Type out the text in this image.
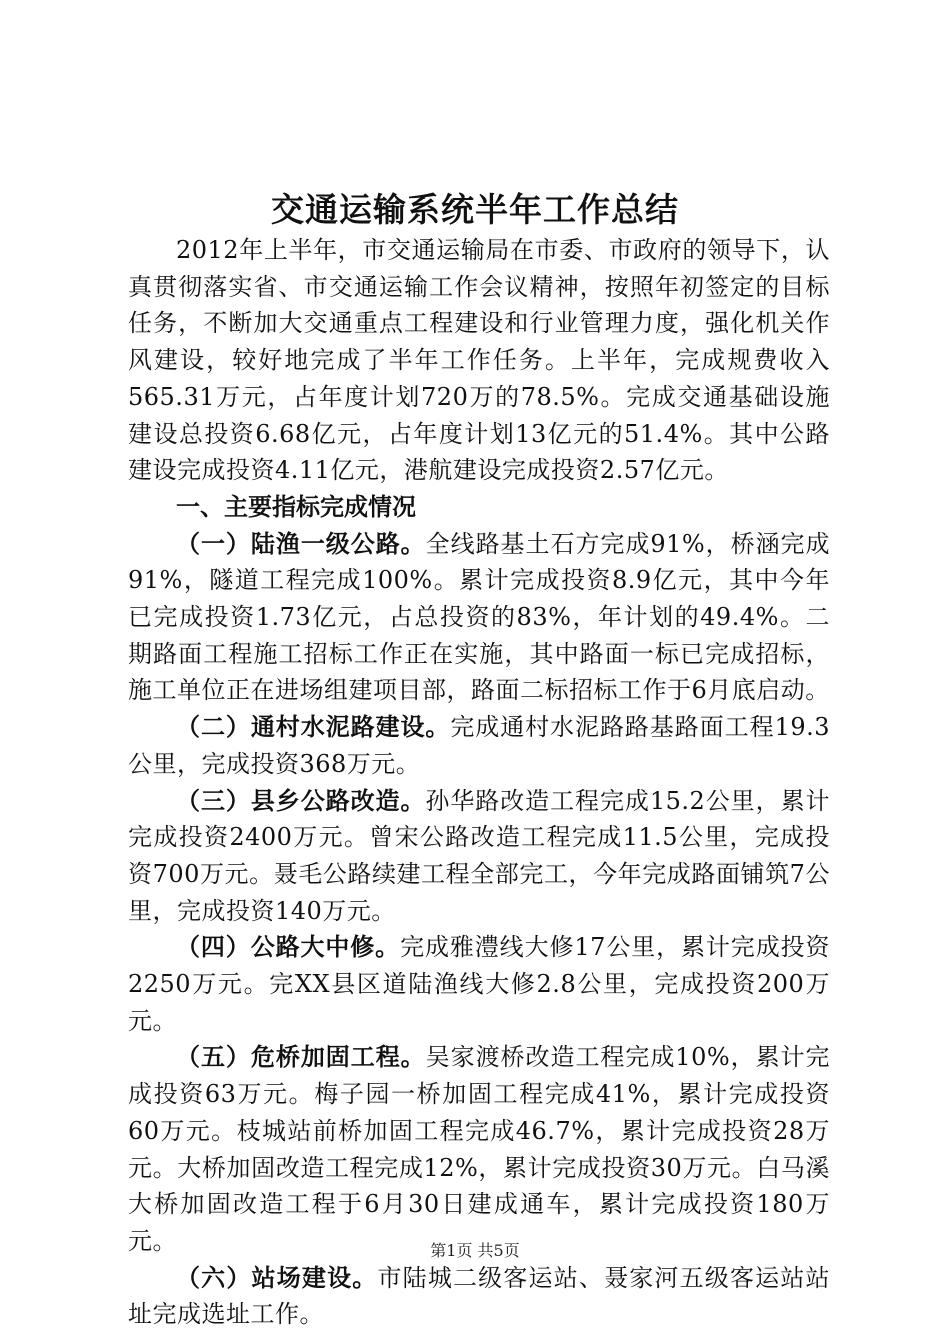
交通运输系统半年工作总结

2012年上半年，市交通运输局在市委、市政府的领导下，认真贯彻落实省、市交通运输工作会议精神，按照年初签定的目标任务，不断加大交通重点工程建设和行业管理力度，强化机关作风建设，较好地完成了半年工作任务。上半年，完成规费收入565.31万元，占年度计划720万的78.5%。完成交通基础设施建设总投资6.68亿元，占年度计划13亿元的51.4%。其中公路建设完成投资4.11亿元，港航建设完成投资2.57亿元。

一、主要指标完成情况

（一）陆渔一级公路。全线路基土石方完成91%，桥涵完成91%，隧道工程完成100%。累计完成投资8.9亿元，其中今年已完成投资1.73亿元，占总投资的83%，年计划的49.4%。二期路面工程施工招标工作正在实施，其中路面一标已完成招标，施工单位正在进场组建项目部，路面二标招标工作于6月底启动。

（二）通村水泥路建设。完成通村水泥路路基路面工程19.3公里，完成投资368万元。

（三）县乡公路改造。孙华路改造工程完成15.2公里，累计完成投资2400万元。曾宋公路改造工程完成11.5公里，完成投资700万元。聂毛公路续建工程全部完工，今年完成路面铺筑7公里，完成投资140万元。

（四）公路大中修。完成雅澧线大修17公里，累计完成投资2250万元。完XX县区道陆渔线大修2.8公里，完成投资200万元。

（五）危桥加固工程。吴家渡桥改造工程完成10%，累计完成投资63万元。梅子园一桥加固工程完成41%，累计完成投资60万元。枝城站前桥加固工程完成46.7%，累计完成投资28万元。大桥加固改造工程完成12%，累计完成投资30万元。白马溪大桥加固改造工程于6月30日建成通车，累计完成投资180万元。

（六）站场建设。市陆城二级客运站、聂家河五级客运站站址完成选址工作。

第1页 共5页
